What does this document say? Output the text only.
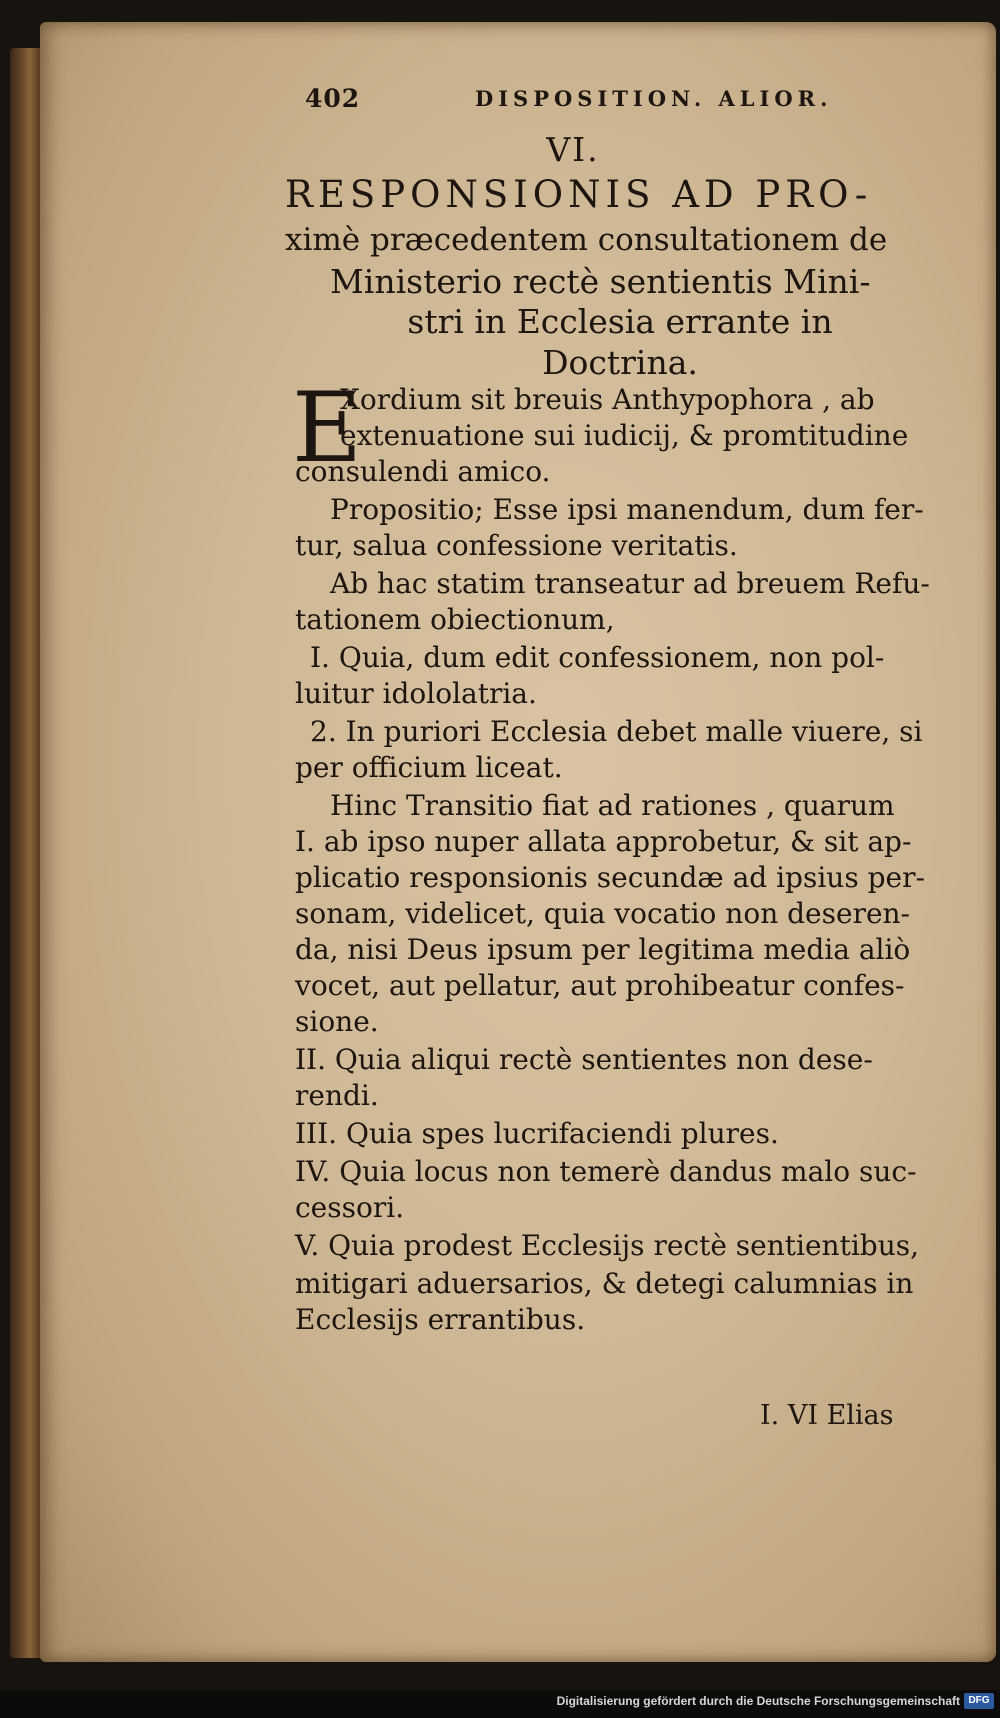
402	DISPOSITION. ALIOR.
VI.
RESPONSIONIS AD PRO-
ximè præcedentem consultationem de
Ministerio rectè sentientis Mini-
stri in Ecclesia errante in
Doctrina.
E
Xordium sit breuis Anthypophora , ab
extenuatione sui iudicij, & promtitudine
consulendi amico.
Propositio; Esse ipsi manendum, dum fer-
tur, salua confessione veritatis.
Ab hac statim transeatur ad breuem Refu-
tationem obiectionum,
I. Quia, dum edit confessionem, non pol-
luitur idololatria.
2. In puriori Ecclesia debet malle viuere, si
per officium liceat.
Hinc Transitio fiat ad rationes , quarum
I. ab ipso nuper allata approbetur, & sit ap-
plicatio responsionis secundæ ad ipsius per-
sonam, videlicet, quia vocatio non deseren-
da, nisi Deus ipsum per legitima media aliò
vocet, aut pellatur, aut prohibeatur confes-
sione.
II. Quia aliqui rectè sentientes non dese-
rendi.
III. Quia spes lucrifaciendi plures.
IV. Quia locus non temerè dandus malo suc-
cessori.
V. Quia prodest Ecclesijs rectè sentientibus,
mitigari aduersarios, & detegi calumnias in
Ecclesijs errantibus.
I. VI Elias
Digitalisierung gefördert durch die Deutsche Forschungsgemeinschaft DFG
